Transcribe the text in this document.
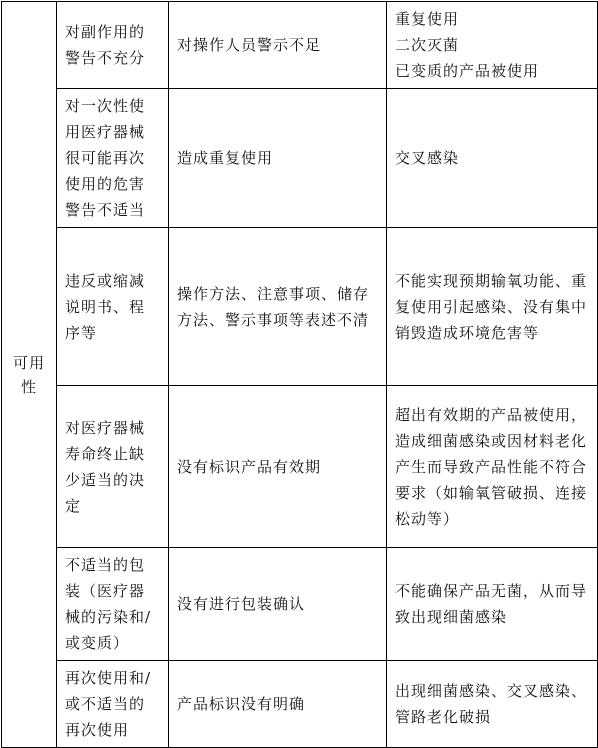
可用性	对副作用的警告不充分	对操作人员警示不足	重复使用
二次灭菌
已变质的产品被使用

	对一次性使用医疗器械很可能再次使用的危害警告不适当	造成重复使用	交叉感染

	违反或缩减说明书、程序等	操作方法、注意事项、储存方法、警示事项等表述不清	不能实现预期输氧功能、重复使用引起感染、没有集中销毁造成环境危害等

	对医疗器械寿命终止缺少适当的决定	没有标识产品有效期	超出有效期的产品被使用，造成细菌感染或因材料老化产生而导致产品性能不符合要求（如输氧管破损、连接松动等）

	不适当的包装（医疗器械的污染和/或变质）	没有进行包装确认	不能确保产品无菌，从而导致出现细菌感染

	再次使用和/或不适当的再次使用	产品标识没有明确	出现细菌感染、交叉感染、管路老化破损
